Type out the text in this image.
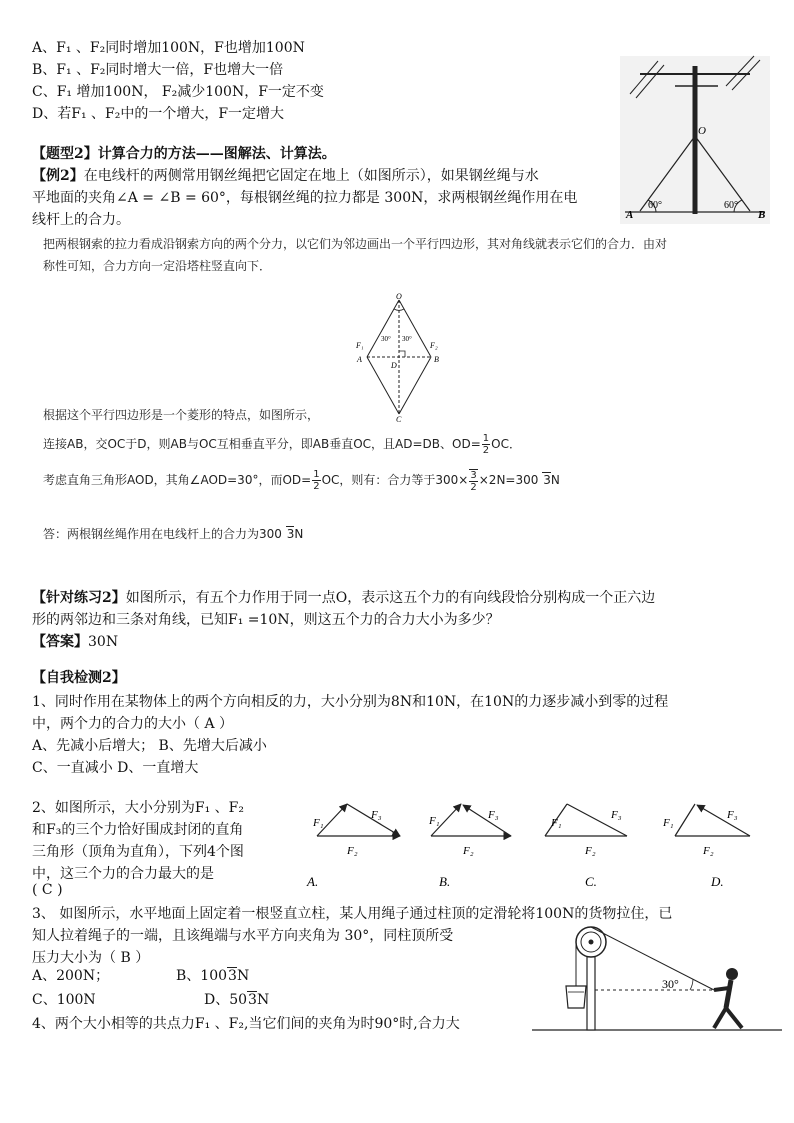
A、F₁ 、F₂同时增加100N，F也增加100N
B、F₁ 、F₂同时增大一倍，F也增大一倍
C、F₁ 增加100N， F₂减少100N，F一定不变
D、若F₁ 、F₂中的一个增大，F一定增大
【题型2】计算合力的方法——图解法、计算法。
【例2】在电线杆的两侧常用钢丝绳把它固定在地上（如图所示），如果钢丝绳与水
平地面的夹角∠A = ∠B = 60°，每根钢丝绳的拉力都是 300N，求两根钢丝绳作用在电
线杆上的合力。
O
A	B
60°	60°
把两根钢索的拉力看成沿钢索方向的两个分力，以它们为邻边画出一个平行四边形，其对角线就表示它们的合力．由对
称性可知，合力方向一定沿塔柱竖直向下．
O
A	B
C
D
F₁	F₂
30° 30°
根据这个平行四边形是一个菱形的特点，如图所示，
连接AB，交OC于D，则AB与OC互相垂直平分，即AB垂直OC，且AD=DB、$OD= \frac{1}{2}$ OC．
考虑直角三角形AOD，其角∠AOD=30°，而$OD= \frac{1}{2}$ OC，则有：合力等于$300\times \frac{3}{2} \times 2N=300$ 3N
答：两根钢丝绳作用在电线杆上的合力为300 3N
【针对练习2】如图所示，有五个力作用于同一点O，表示这五个力的有向线段恰分别构成一个正六边
形的两邻边和三条对角线，已知F₁ =10N，则这五个力的合力大小为多少？
【答案】30N
【自我检测2】
1、同时作用在某物体上的两个方向相反的力，大小分别为8N和10N，在10N的力逐步减小到零的过程
中，两个力的合力的大小（ A ）
A、先减小后增大； B、先增大后减小
C、一直减小 D、一直增大
2、如图所示，大小分别为F₁ 、F₂
和F₃的三个力恰好围成封闭的直角
三角形（顶角为直角），下列4个图
中，这三个力的合力最大的是
( C )
F₁
F₃
F₂
A.
F₁	F₃
F₂
B.
F₁
F₃
F₂
C.
F₁
F₃
F₂
D.
3、 如图所示，水平地面上固定着一根竖直立柱，某人用绳子通过柱顶的定滑轮将100N的货物拉住，已
知人拉着绳子的一端，且该绳端与水平方向夹角为 30°，同柱顶所受
压力大小为（ B ）
A、200N；	B、1003N
C、100N	D、503N
4、两个大小相等的共点力F₁ 、F₂,当它们间的夹角为时90°时,合力大
30°
